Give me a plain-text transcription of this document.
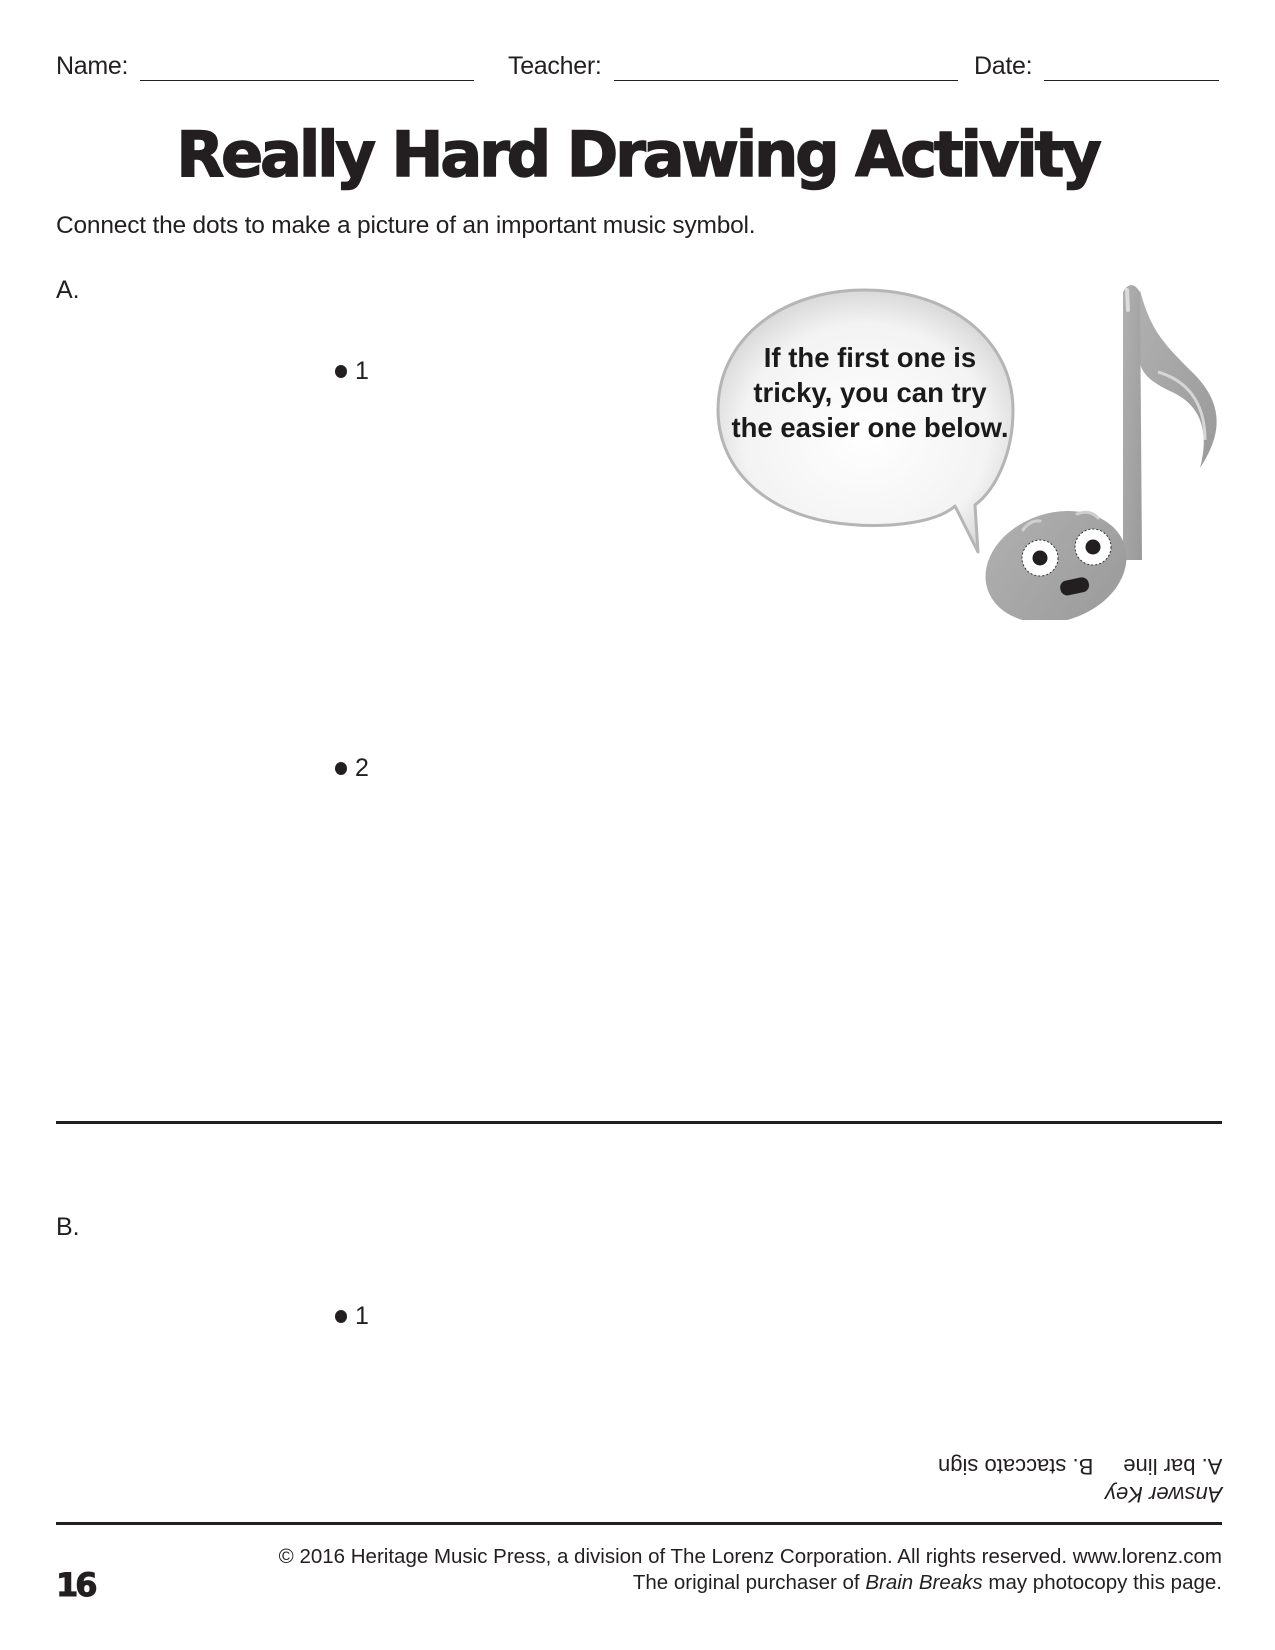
Name:	Teacher:	Date:
Really Hard Drawing Activity
Connect the dots to make a picture of an important music symbol.
A.
1
2
If the first one is tricky, you can try the easier one below.
B.
1
Answer Key
A. bar lineB. staccato sign
16
© 2016 Heritage Music Press, a division of The Lorenz Corporation. All rights reserved. www.lorenz.com
The original purchaser of Brain Breaks may photocopy this page.
